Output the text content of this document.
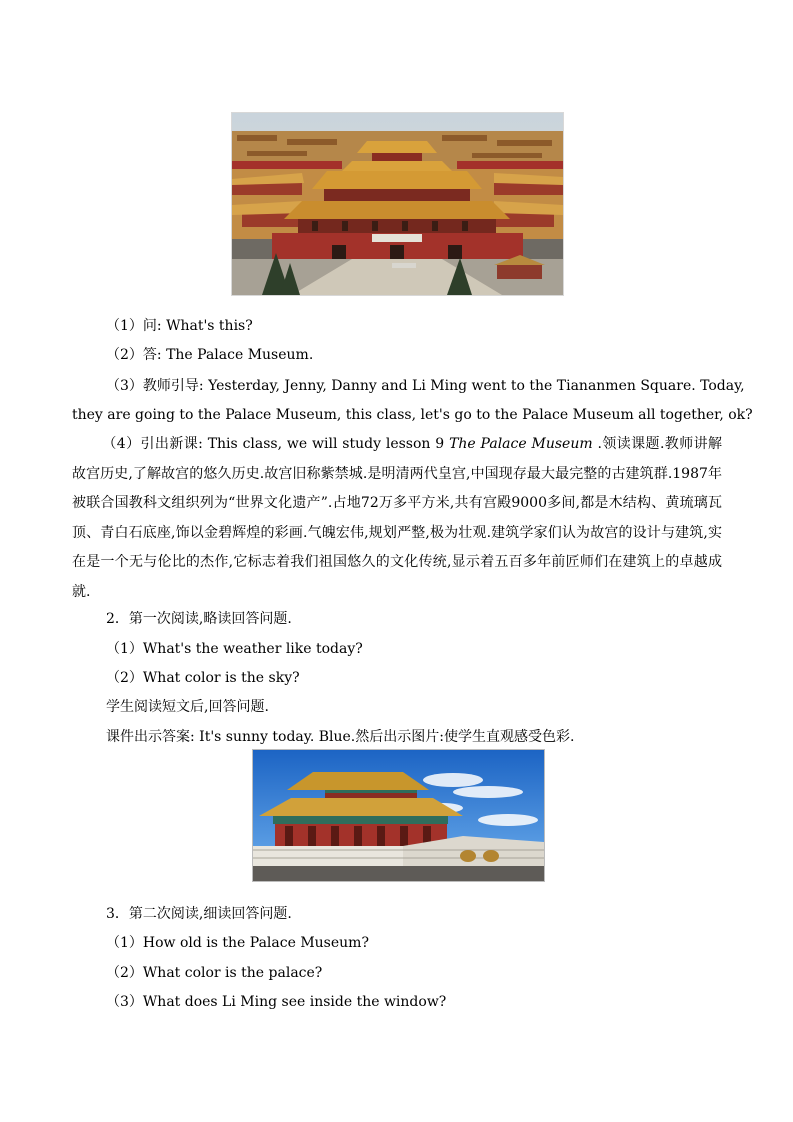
（1）问: What's this?
（2）答: The Palace Museum.
（3）教师引导: Yesterday, Jenny, Danny and Li Ming went to the Tiananmen Square. Today,
they are going to the Palace Museum, this class, let's go to the Palace Museum all together, ok?
（4）引出新课: This class, we will study lesson 9 The Palace Museum .领读课题.教师讲解故宫历史,了解故宫的悠久历史.故宫旧称紫禁城.是明清两代皇宫,中国现存最大最完整的古建筑群.1987年被联合国教科文组织列为“世界文化遗产”.占地72万多平方米,共有宫殿9000多间,都是木结构、黄琉璃瓦顶、青白石底座,饰以金碧辉煌的彩画.气魄宏伟,规划严整,极为壮观.建筑学家们认为故宫的设计与建筑,实在是一个无与伦比的杰作,它标志着我们祖国悠久的文化传统,显示着五百多年前匠师们在建筑上的卓越成就.
2．第一次阅读,略读回答问题.
（1）What's the weather like today?
（2）What color is the sky?
学生阅读短文后,回答问题.
课件出示答案: It's sunny today. Blue.然后出示图片:使学生直观感受色彩.
3．第二次阅读,细读回答问题.
（1）How old is the Palace Museum?
（2）What color is the palace?
（3）What does Li Ming see inside the window?
